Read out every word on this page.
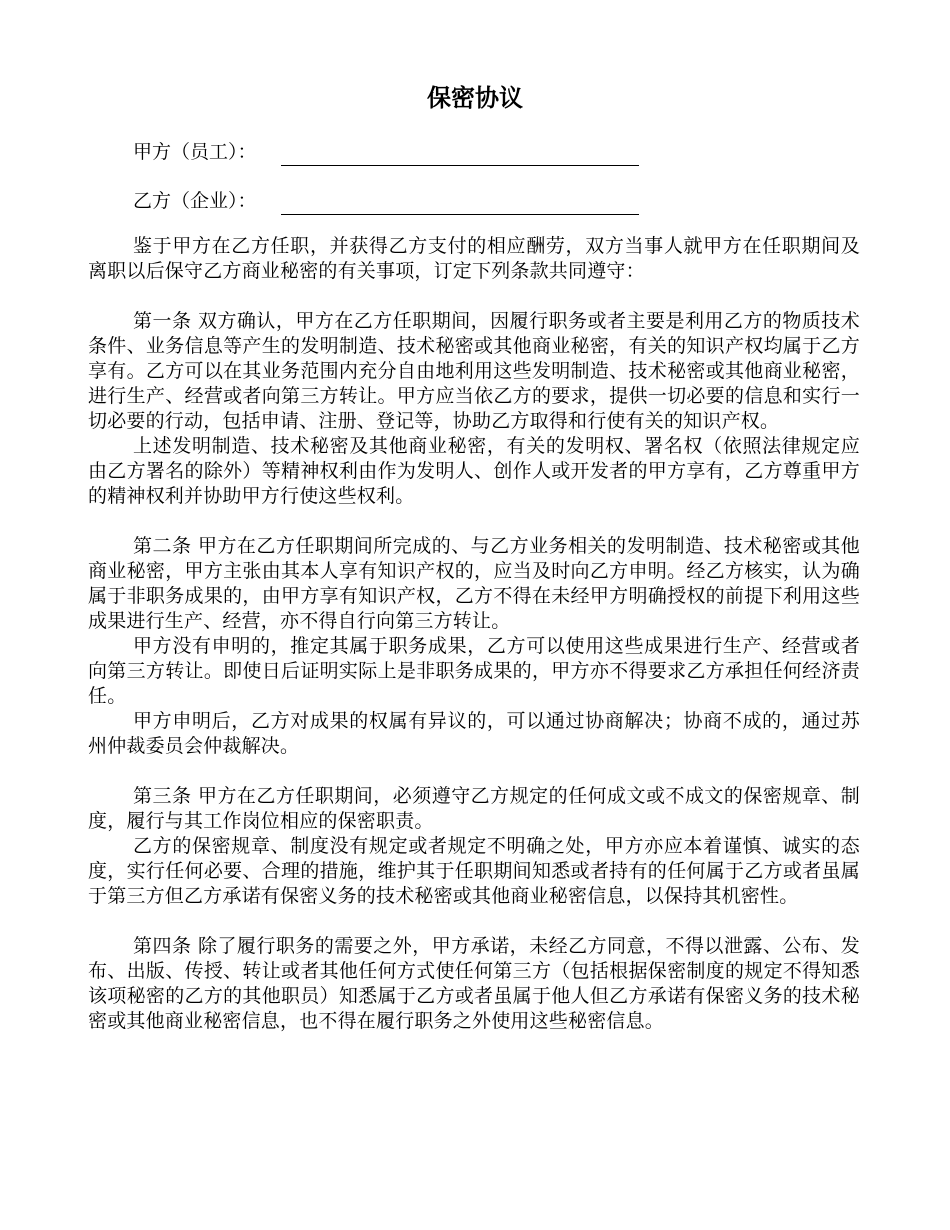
保密协议
甲方（员工）：
乙方（企业）：

鉴于甲方在乙方任职，并获得乙方支付的相应酬劳，双方当事人就甲方在任职期间及离职以后保守乙方商业秘密的有关事项，订定下列条款共同遵守：

第一条 双方确认，甲方在乙方任职期间，因履行职务或者主要是利用乙方的物质技术条件、业务信息等产生的发明制造、技术秘密或其他商业秘密，有关的知识产权均属于乙方享有。乙方可以在其业务范围内充分自由地利用这些发明制造、技术秘密或其他商业秘密，进行生产、经营或者向第三方转让。甲方应当依乙方的要求，提供一切必要的信息和实行一切必要的行动，包括申请、注册、登记等，协助乙方取得和行使有关的知识产权。

上述发明制造、技术秘密及其他商业秘密，有关的发明权、署名权（依照法律规定应由乙方署名的除外）等精神权利由作为发明人、创作人或开发者的甲方享有，乙方尊重甲方的精神权利并协助甲方行使这些权利。

第二条 甲方在乙方任职期间所完成的、与乙方业务相关的发明制造、技术秘密或其他商业秘密，甲方主张由其本人享有知识产权的，应当及时向乙方申明。经乙方核实，认为确属于非职务成果的，由甲方享有知识产权，乙方不得在未经甲方明确授权的前提下利用这些成果进行生产、经营，亦不得自行向第三方转让。

甲方没有申明的，推定其属于职务成果，乙方可以使用这些成果进行生产、经营或者向第三方转让。即使日后证明实际上是非职务成果的，甲方亦不得要求乙方承担任何经济责任。

甲方申明后，乙方对成果的权属有异议的，可以通过协商解决；协商不成的，通过苏州仲裁委员会仲裁解决。

第三条 甲方在乙方任职期间，必须遵守乙方规定的任何成文或不成文的保密规章、制度，履行与其工作岗位相应的保密职责。

乙方的保密规章、制度没有规定或者规定不明确之处，甲方亦应本着谨慎、诚实的态度，实行任何必要、合理的措施，维护其于任职期间知悉或者持有的任何属于乙方或者虽属于第三方但乙方承诺有保密义务的技术秘密或其他商业秘密信息，以保持其机密性。

第四条 除了履行职务的需要之外，甲方承诺，未经乙方同意，不得以泄露、公布、发布、出版、传授、转让或者其他任何方式使任何第三方（包括根据保密制度的规定不得知悉该项秘密的乙方的其他职员）知悉属于乙方或者虽属于他人但乙方承诺有保密义务的技术秘密或其他商业秘密信息，也不得在履行职务之外使用这些秘密信息。
